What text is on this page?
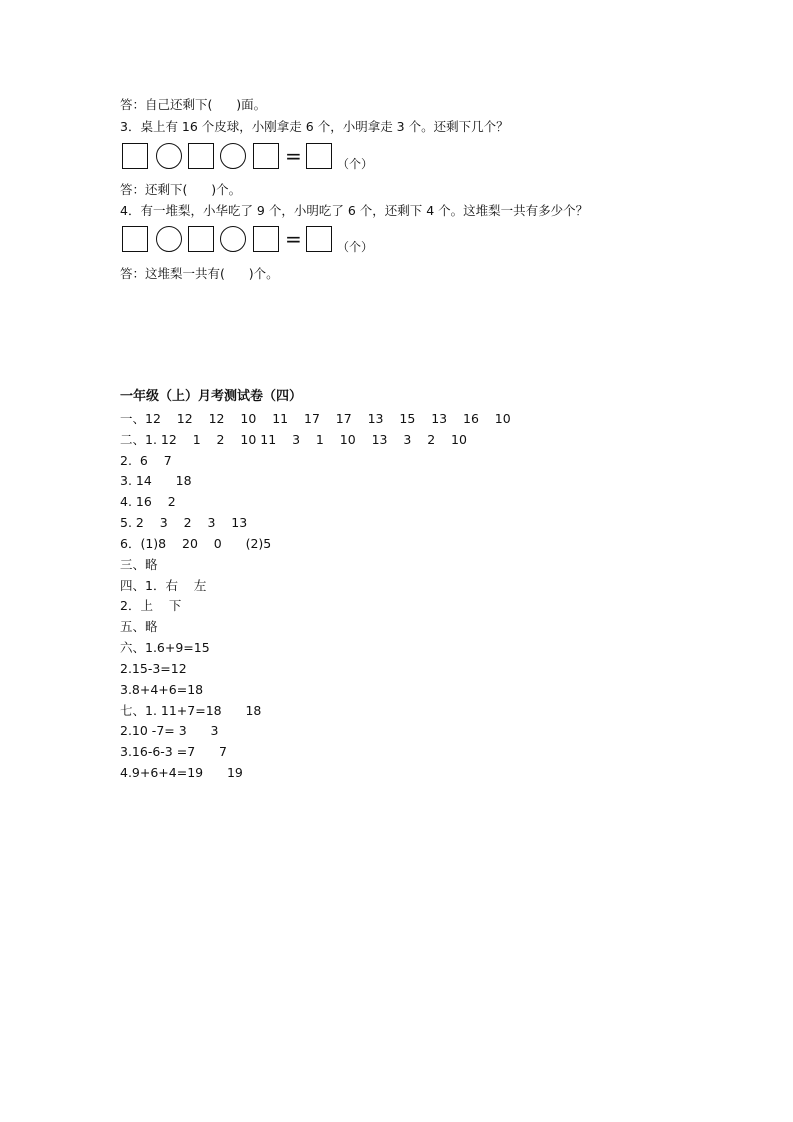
答：自己还剩下(      )面。
3．桌上有 16 个皮球，小刚拿走 6 个，小明拿走 3 个。还剩下几个？
=	（个）
答：还剩下(      )个。
4．有一堆梨，小华吃了 9 个，小明吃了 6 个，还剩下 4 个。这堆梨一共有多少个？
=	（个）
答：这堆梨一共有(      )个。
一年级（上）月考测试卷（四）
一、12    12    12    10    11    17    17    13    15    13    16    10
二、1. 12    1    2    10 11    3    1    10    13    3    2    10
2.  6    7
3. 14      18
4. 16    2
5. 2    3    2    3    13
6．(1)8    20    0      (2)5
三、略
四、1．右    左
2．上    下
五、略
六、1.6+9=15
2.15-3=12
3.8+4+6=18
七、1. 11+7=18      18
2.10 -7= 3      3
3.16-6-3 =7      7
4.9+6+4=19      19
